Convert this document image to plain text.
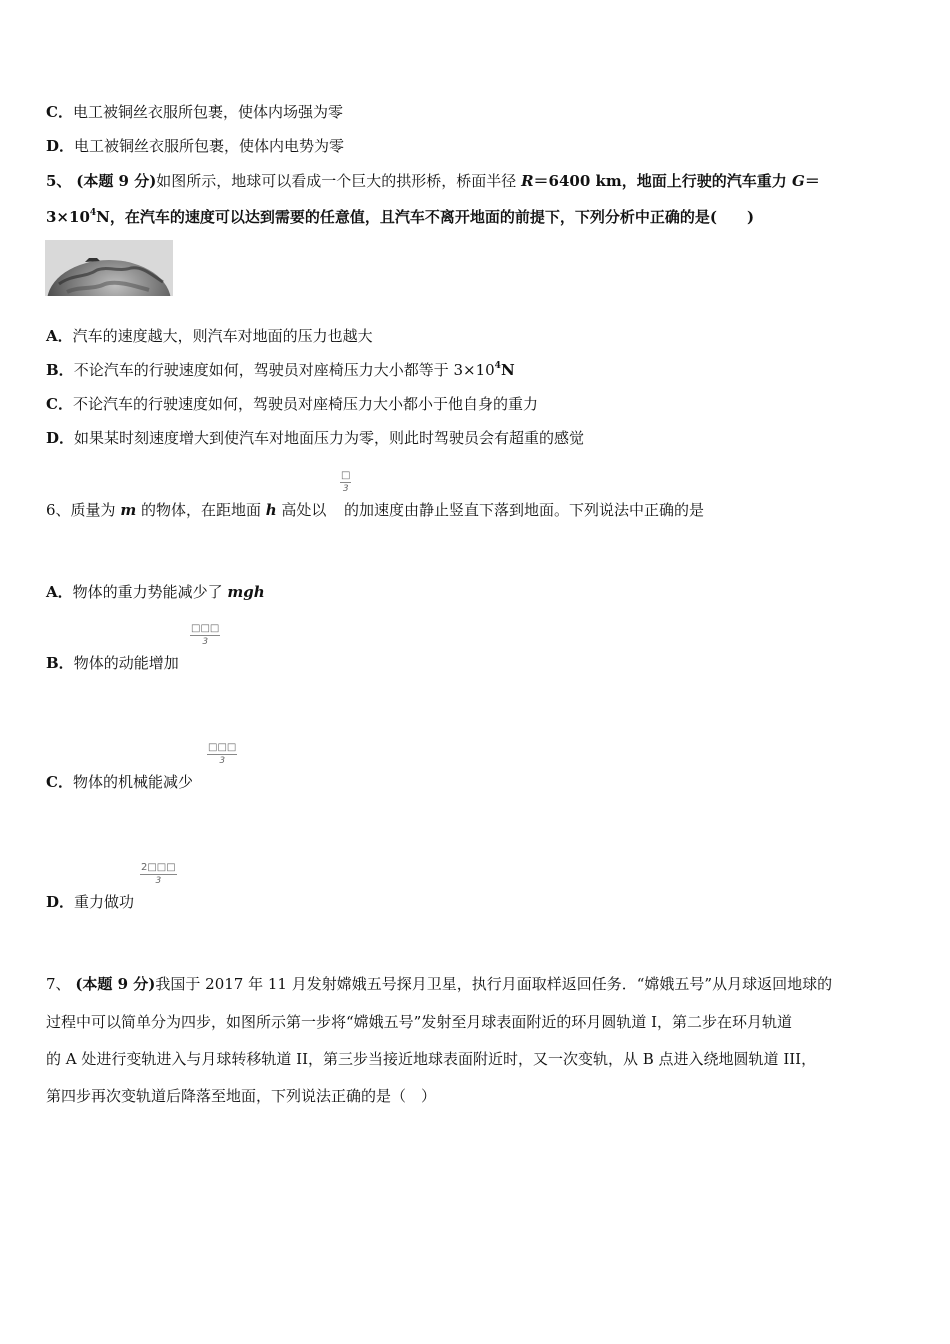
C．电工被铜丝衣服所包裹，使体内场强为零
D．电工被铜丝衣服所包裹，使体内电势为零
5、 (本题 9 分)如图所示，地球可以看成一个巨大的拱形桥，桥面半径 R＝6400 km，地面上行驶的汽车重力 G＝
$3\times 10^4N$，在汽车的速度可以达到需要的任意值，且汽车不离开地面的前提下，下列分析中正确的是(　　)
A．汽车的速度越大，则汽车对地面的压力也越大
B．不论汽车的行驶速度如何，驾驶员对座椅压力大小都等于 $3\times 10^4N$
C．不论汽车的行驶速度如何，驾驶员对座椅压力大小都小于他自身的重力
D．如果某时刻速度增大到使汽车对地面压力为零，则此时驾驶员会有超重的感觉
□
3
6、质量为 m 的物体，在距地面 h 高处以  的加速度由静止竖直下落到地面。下列说法中正确的是
A．物体的重力势能减少了 mgh
□□□
3
B．物体的动能增加
□□□
3
C．物体的机械能减少
$\frac{2□□□}{3}$
D．重力做功
7、 (本题 9 分)我国于 2017 年 11 月发射嫦娥五号探月卫星，执行月面取样返回任务．“嫦娥五号”从月球返回地球的
过程中可以简单分为四步，如图所示第一步将“嫦娥五号”发射至月球表面附近的环月圆轨道 I，第二步在环月轨道
的 A 处进行变轨进入与月球转移轨道 II，第三步当接近地球表面附近时，又一次变轨，从 B 点进入绕地圆轨道 III，
第四步再次变轨道后降落至地面，下列说法正确的是（　）
